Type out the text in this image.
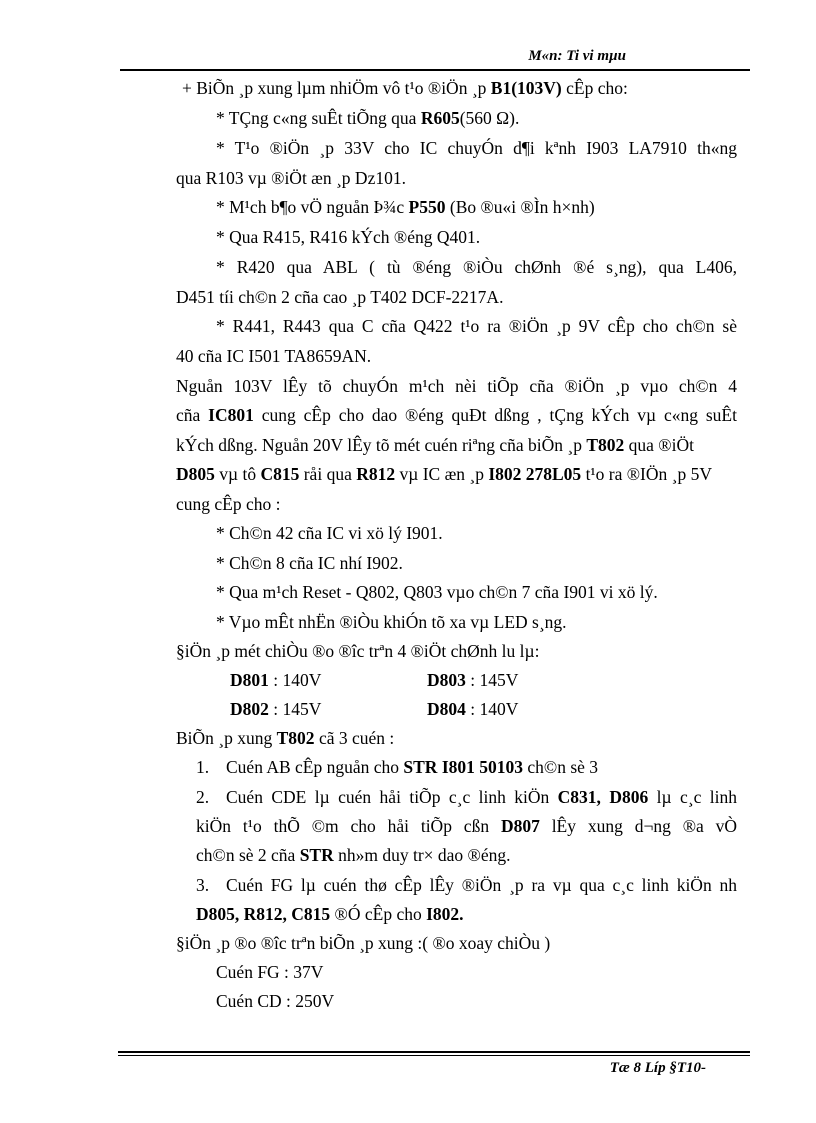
M«n: Ti vi mµu
+ BiÕn ¸p xung lµm nhiÖm vô t¹o ®iÖn ¸p B1(103V) cÊp cho:
* TÇng c«ng suÊt tiÕng qua R605(560 Ω).
* T¹o ®iÖn ¸p 33V cho IC chuyÓn d¶i kªnh I903 LA7910 th«ng
qua R103 vµ ®iÖt æn ¸p Dz101.
* M¹ch b¶o vÖ nguån Þ¾c P550 (Bo ®u«i ®Ìn h×nh)
* Qua R415, R416 kÝch ®éng Q401.
* R420 qua ABL ( tù ®éng ®iÒu chØnh ®é s¸ng), qua L406,
D451 tíi ch©n 2 cña cao ¸p T402 DCF-2217A.
* R441, R443 qua C cña Q422 t¹o ra ®iÖn ¸p 9V cÊp cho ch©n sè
40 cña IC I501 TA8659AN.
Nguån 103V lÊy tõ chuyÓn m¹ch nèi tiÕp cña ®iÖn ¸p vµo ch©n 4
cña IC801 cung cÊp cho dao ®éng quÐt dßng , tÇng kÝch vµ c«ng suÊt
kÝch dßng. Nguån 20V lÊy tõ mét cuén riªng cña biÕn ¸p T802 qua ®iÖt
D805 vµ tô C815 råi qua R812 vµ IC æn ¸p I802 278L05 t¹o ra ®IÖn ¸p 5V
cung cÊp cho :
* Ch©n 42 cña IC vi xö lý I901.
* Ch©n 8 cña IC nhí I902.
* Qua m¹ch Reset - Q802, Q803 vµo ch©n 7 cña I901 vi xö lý.
* Vµo mÊt nhËn ®iÒu khiÓn tõ xa vµ LED s¸ng.
§iÖn ¸p mét chiÒu ®o ®îc trªn 4 ®iÖt chØnh lu lµ:
D801 : 140V	D803 : 145V
D802 : 145V	D804 : 140V
BiÕn ¸p xung T802 cã 3 cuén :
1. Cuén AB cÊp nguån cho STR I801 50103 ch©n sè 3
2. Cuén CDE lµ cuén håi tiÕp c¸c linh kiÖn C831, D806 lµ c¸c linh
kiÖn t¹o thÕ ©m cho håi tiÕp cßn D807 lÊy xung d¬ng ®a vÒ
ch©n sè 2 cña STR nh»m duy tr× dao ®éng.
3. Cuén FG lµ cuén thø cÊp lÊy ®iÖn ¸p ra vµ qua c¸c linh kiÖn nh
D805, R812, C815 ®Ó cÊp cho I802.
§iÖn ¸p ®o ®îc trªn biÕn ¸p xung :( ®o xoay chiÒu )
Cuén FG : 37V
Cuén CD : 250V
Tæ 8 Líp §T10-
